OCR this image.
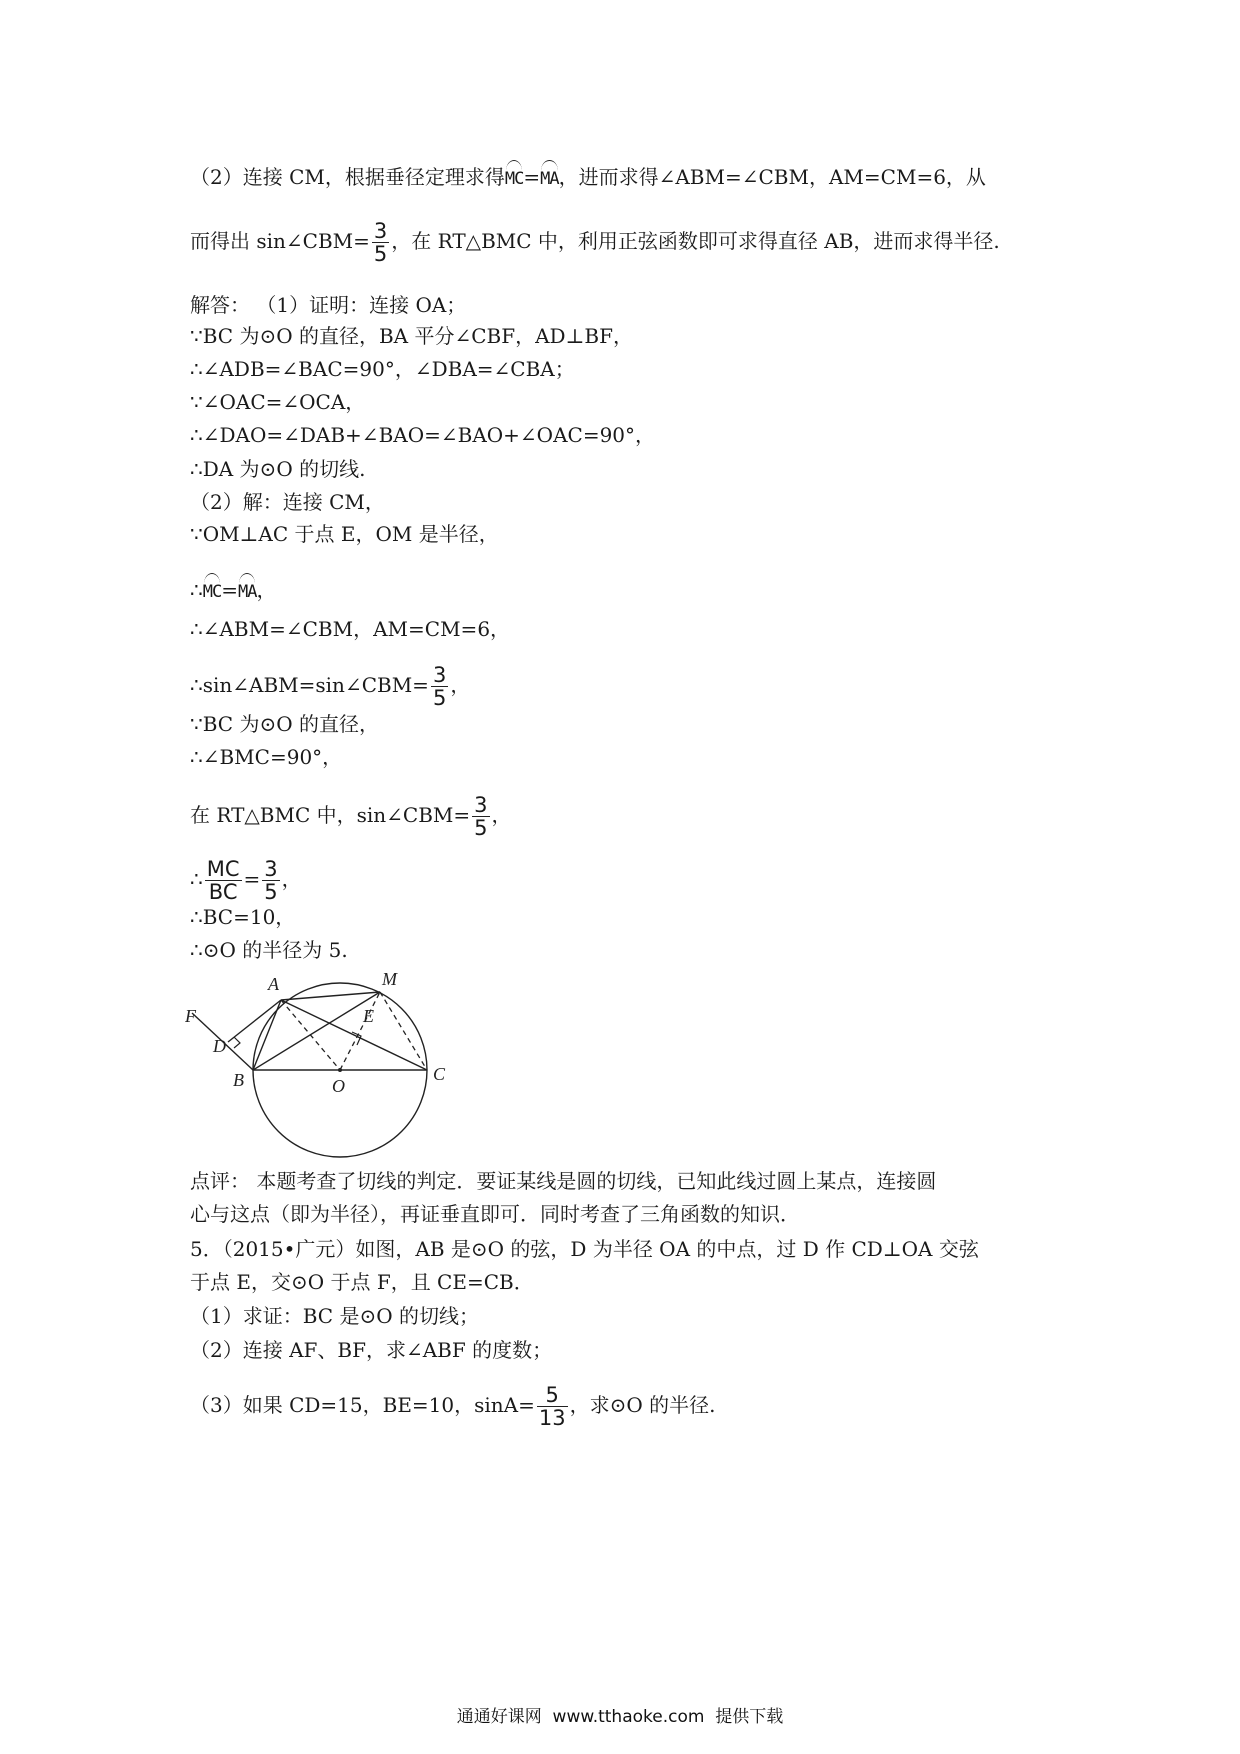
（2）连接 CM，根据垂径定理求得MC=MA，进而求得∠ABM=∠CBM，AM=CM=6，从
而得出 sin∠CBM= $\frac{3}{5}$ ，在 RT△BMC 中，利用正弦函数即可求得直径 AB，进而求得半径.
解答： （1）证明：连接 OA；
∵BC 为⊙O 的直径，BA 平分∠CBF，AD⊥BF，
∴∠ADB=∠BAC=90°，∠DBA=∠CBA；
∵∠OAC=∠OCA，
∴∠DAO=∠DAB+∠BAO=∠BAO+∠OAC=90°，
∴DA 为⊙O 的切线.
（2）解：连接 CM，
∵OM⊥AC 于点 E，OM 是半径，
∴MC=MA，
∴∠ABM=∠CBM，AM=CM=6，
∴sin∠ABM=sin∠CBM= $\frac{3}{5}$ ，
∵BC 为⊙O 的直径，
∴∠BMC=90°，
在 RT△BMC 中，sin∠CBM= $\frac{3}{5}$ ，
∴ $\frac{MC}{BC} = \frac{3}{5}$ ，
∴BC=10，
∴⊙O 的半径为 5.
点评： 本题考查了切线的判定．要证某线是圆的切线，已知此线过圆上某点，连接圆
心与这点（即为半径），再证垂直即可．同时考查了三角函数的知识．
5．（2015•广元）如图，AB 是⊙O 的弦，D 为半径 OA 的中点，过 D 作 CD⊥OA 交弦
于点 E，交⊙O 于点 F，且 CE=CB．
（1）求证：BC 是⊙O 的切线；
（2）连接 AF、BF，求∠ABF 的度数；
（3）如果 CD=15，BE=10，$\sin A= \frac{5}{13}$ ，求⊙O 的半径.
A	M
F
D
E
B	O
C
通通好课网  www.tthaoke.com  提供下载
